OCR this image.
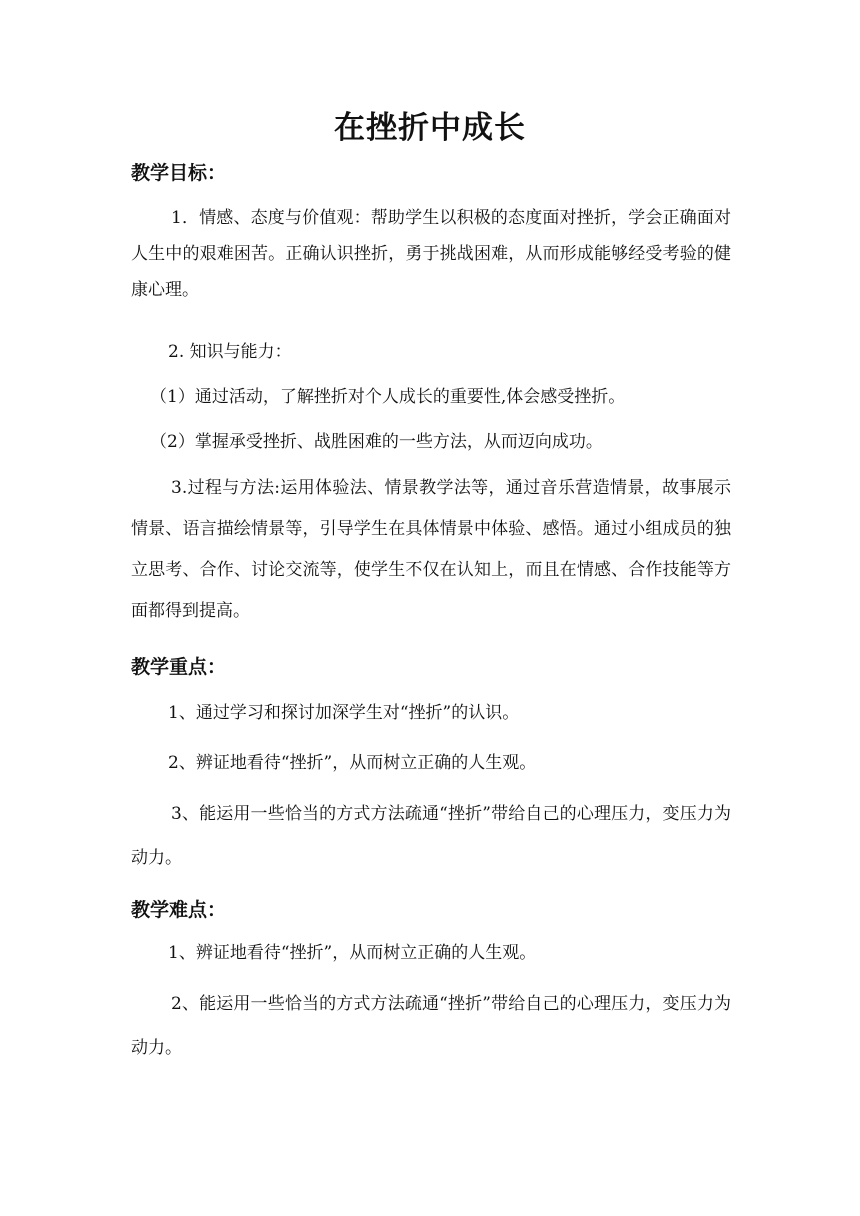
在挫折中成长
教学目标：
1．情感、态度与价值观：帮助学生以积极的态度面对挫折，学会正确面对人生中的艰难困苦。正确认识挫折，勇于挑战困难，从而形成能够经受考验的健康心理。
2. 知识与能力：
（1）通过活动，了解挫折对个人成长的重要性,体会感受挫折。
（2）掌握承受挫折、战胜困难的一些方法，从而迈向成功。
3.过程与方法:运用体验法、情景教学法等，通过音乐营造情景，故事展示情景、语言描绘情景等，引导学生在具体情景中体验、感悟。通过小组成员的独立思考、合作、讨论交流等，使学生不仅在认知上，而且在情感、合作技能等方面都得到提高。
教学重点：
1、通过学习和探讨加深学生对“挫折”的认识。
2、辨证地看待“挫折”，从而树立正确的人生观。
3、能运用一些恰当的方式方法疏通“挫折”带给自己的心理压力，变压力为动力。
教学难点：
1、辨证地看待“挫折”，从而树立正确的人生观。
2、能运用一些恰当的方式方法疏通“挫折”带给自己的心理压力，变压力为动力。
